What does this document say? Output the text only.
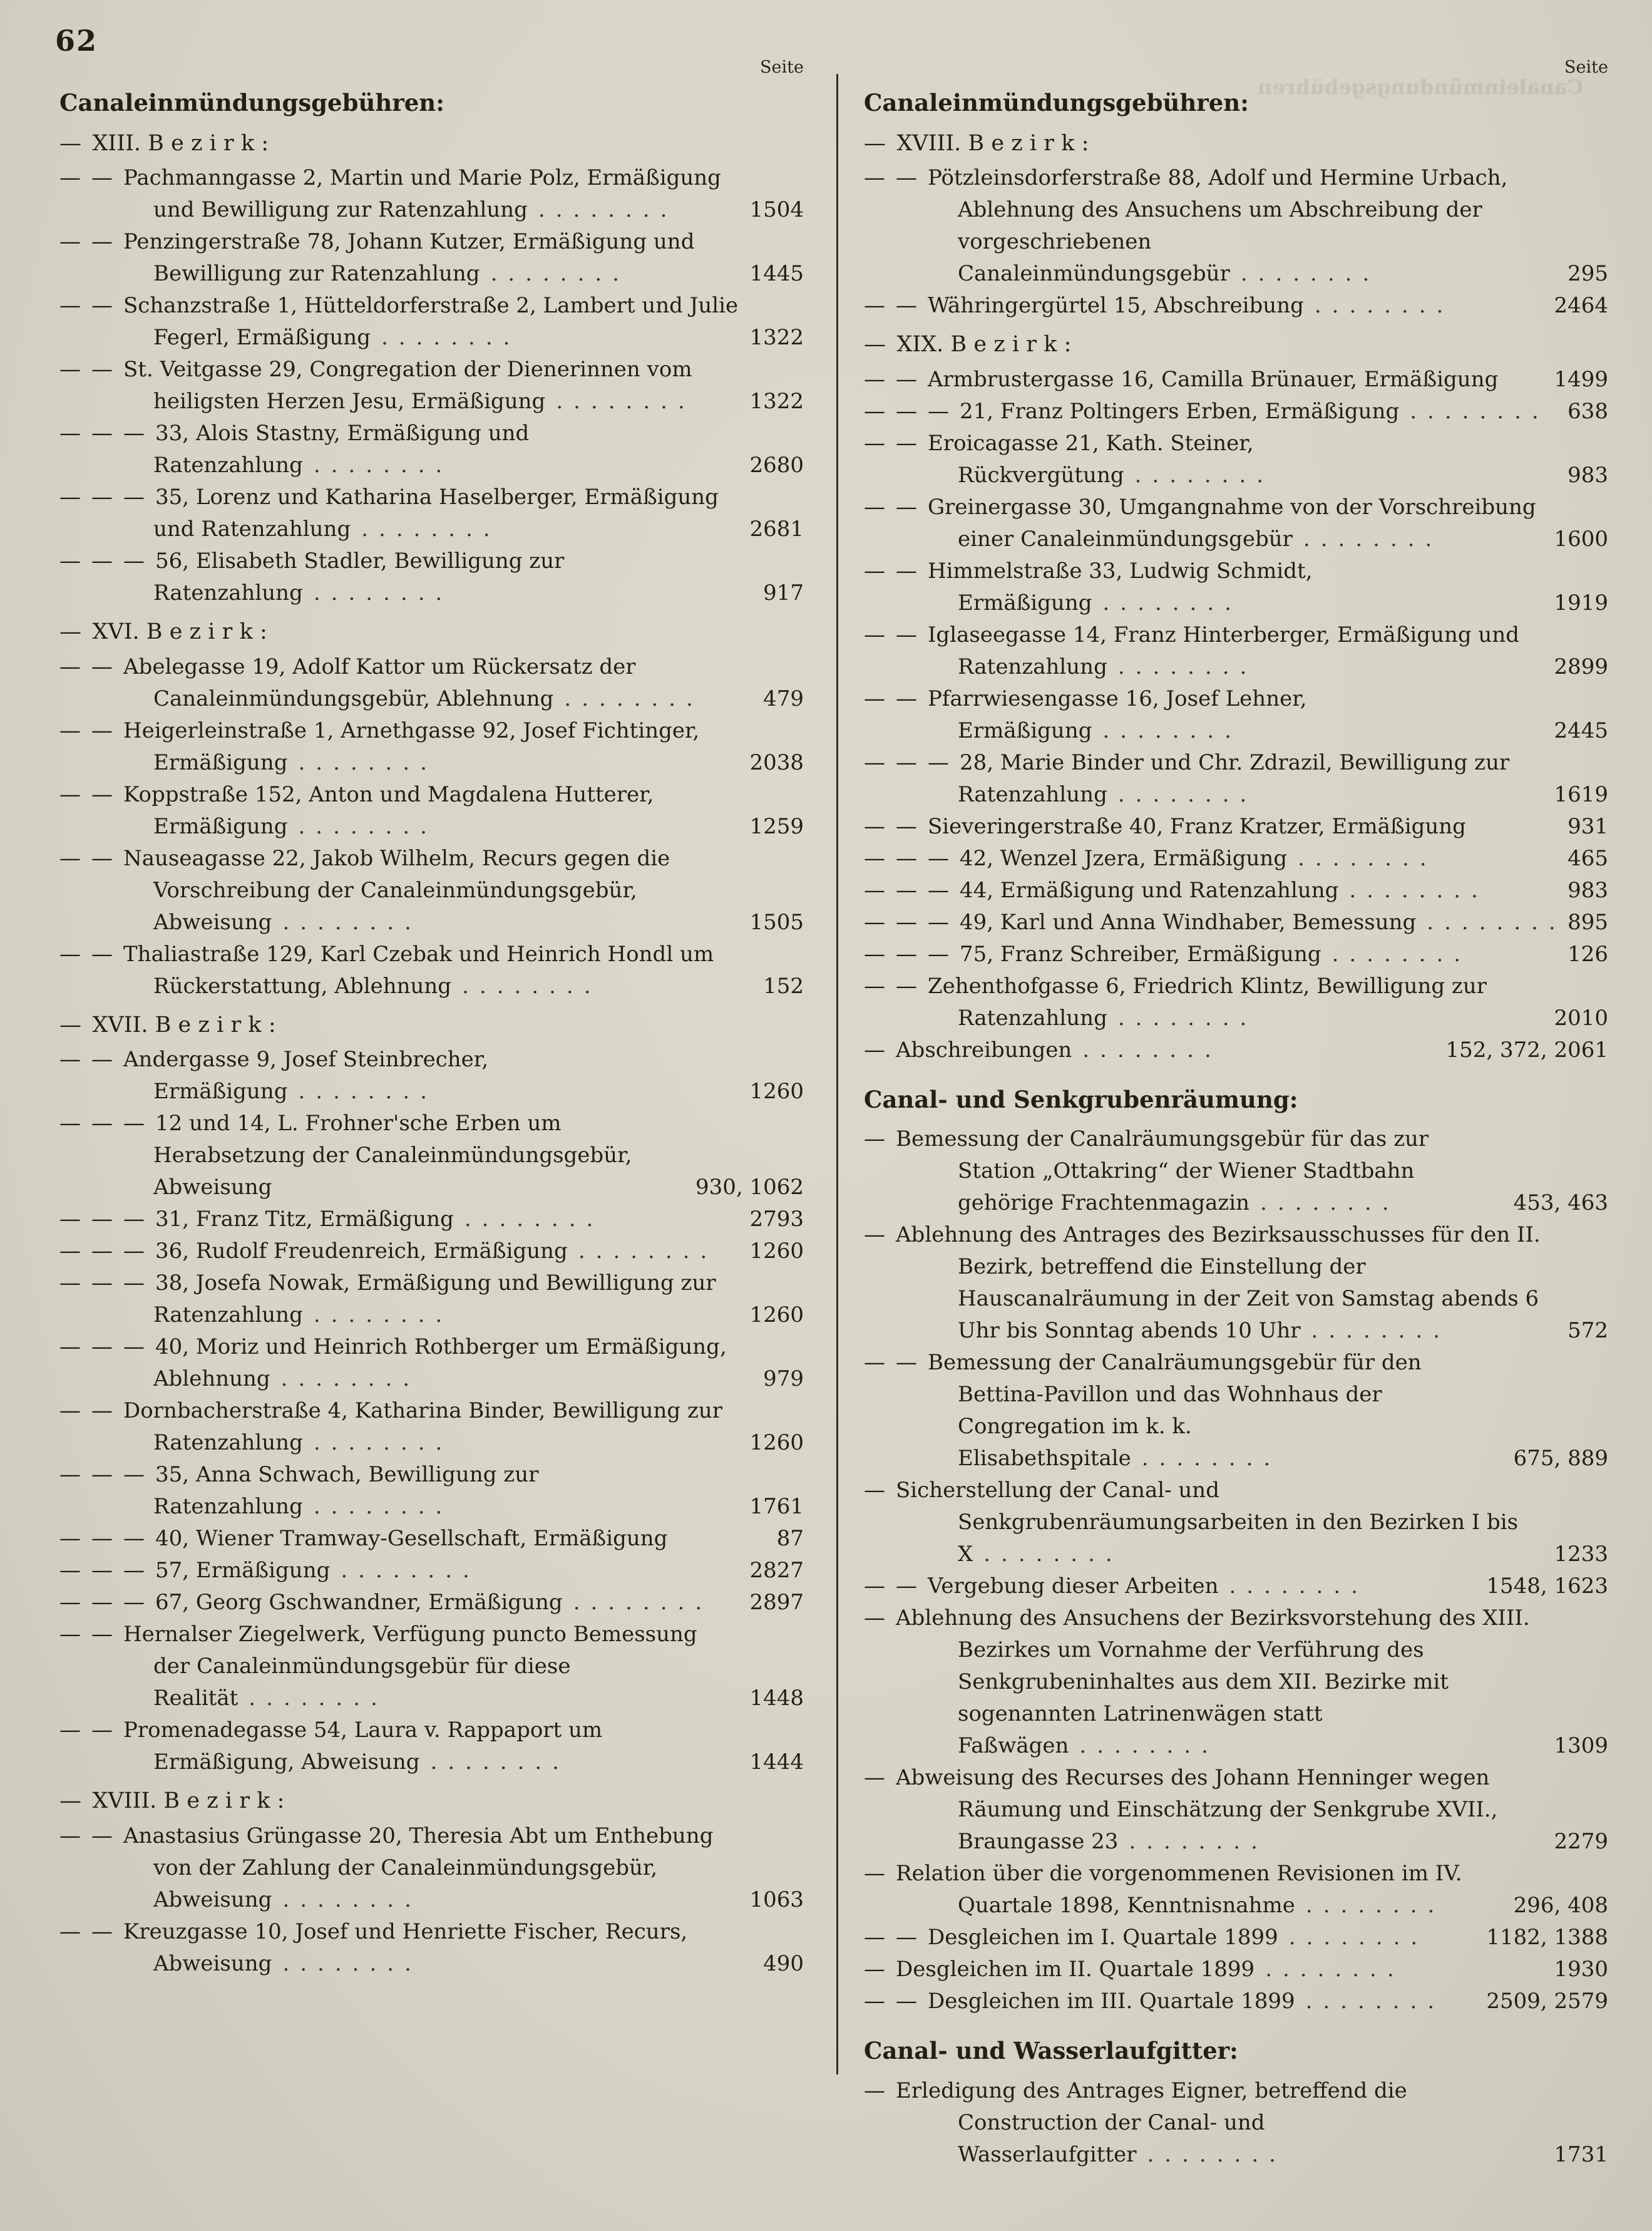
62
Seite
Canaleinmündungsgebühren:
— XIII. Bezirk:
— — Pachmanngasse 2, Martin und Marie Polz, Ermäßigung und Bewilligung zur Ratenzahlung . . . . . . . .	1504
— — Penzingerstraße 78, Johann Kutzer, Ermäßigung und Bewilligung zur Ratenzahlung . . . . . . . .	1445
— — Schanzstraße 1, Hütteldorferstraße 2, Lambert und Julie Fegerl, Ermäßigung . . . . . . . .	1322
— — St. Veitgasse 29, Congregation der Dienerinnen vom heiligsten Herzen Jesu, Ermäßigung . . . . . . . .	1322
— — — 33, Alois Stastny, Ermäßigung und Ratenzahlung . . . . . . . .	2680
— — — 35, Lorenz und Katharina Haselberger, Ermäßigung und Ratenzahlung . . . . . . . .	2681
— — — 56, Elisabeth Stadler, Bewilligung zur Ratenzahlung . . . . . . . .	917
— XVI. Bezirk:
— — Abelegasse 19, Adolf Kattor um Rückersatz der Canaleinmündungsgebür, Ablehnung . . . . . . . .	479
— — Heigerleinstraße 1, Arnethgasse 92, Josef Fichtinger, Ermäßigung . . . . . . . .	2038
— — Koppstraße 152, Anton und Magdalena Hutterer, Ermäßigung . . . . . . . .	1259
— — Nauseagasse 22, Jakob Wilhelm, Recurs gegen die Vorschreibung der Canaleinmündungsgebür, Abweisung . . . . . . . .	1505
— — Thaliastraße 129, Karl Czebak und Heinrich Hondl um Rückerstattung, Ablehnung . . . . . . . .	152
— XVII. Bezirk:
— — Andergasse 9, Josef Steinbrecher, Ermäßigung . . . . . . . .	1260
— — — 12 und 14, L. Frohner'sche Erben um Herabsetzung der Canaleinmündungsgebür, Abweisung	930, 1062
— — — 31, Franz Titz, Ermäßigung . . . . . . . .	2793
— — — 36, Rudolf Freudenreich, Ermäßigung . . . . . . . . 1260
— — — 38, Josefa Nowak, Ermäßigung und Bewilligung zur Ratenzahlung . . . . . . . .	1260
— — — 40, Moriz und Heinrich Rothberger um Ermäßigung, Ablehnung . . . . . . . .	979
— — Dornbacherstraße 4, Katharina Binder, Bewilligung zur Ratenzahlung . . . . . . . .	1260
— — — 35, Anna Schwach, Bewilligung zur Ratenzahlung . . . . . . . .	1761
— — — 40, Wiener Tramway-Gesellschaft, Ermäßigung	87
— — — 57, Ermäßigung . . . . . . . .	2827
— — — 67, Georg Gschwandner, Ermäßigung . . . . . . . . 2897
— — Hernalser Ziegelwerk, Verfügung puncto Bemessung der Canaleinmündungsgebür für diese Realität . . . . . . . .	1448
— — Promenadegasse 54, Laura v. Rappaport um Ermäßigung, Abweisung . . . . . . . .	1444
— XVIII. Bezirk:
— — Anastasius Grüngasse 20, Theresia Abt um Enthebung von der Zahlung der Canaleinmündungsgebür, Abweisung . . . . . . . .	1063
— — Kreuzgasse 10, Josef und Henriette Fischer, Recurs, Abweisung . . . . . . . .	490
Canaleinmündungsgebühren
Seite
Canaleinmündungsgebühren:
— XVIII. Bezirk:
— — Pötzleinsdorferstraße 88, Adolf und Hermine Urbach, Ablehnung des Ansuchens um Abschreibung der vorgeschriebenen Canaleinmündungsgebür . . . . . . . .	295
— — Währingergürtel 15, Abschreibung . . . . . . . .	2464
— XIX. Bezirk:
— — Armbrustergasse 16, Camilla Brünauer, Ermäßigung	1499
— — — 21, Franz Poltingers Erben, Ermäßigung . . . . . . . . 638
— — Eroicagasse 21, Kath. Steiner, Rückvergütung . . . . . . . .	983
— — Greinergasse 30, Umgangnahme von der Vorschreibung einer Canaleinmündungsgebür . . . . . . . .	1600
— — Himmelstraße 33, Ludwig Schmidt, Ermäßigung . . . . . . . .	1919
— — Iglaseegasse 14, Franz Hinterberger, Ermäßigung und Ratenzahlung . . . . . . . .	2899
— — Pfarrwiesengasse 16, Josef Lehner, Ermäßigung . . . . . . . .	2445
— — — 28, Marie Binder und Chr. Zdrazil, Bewilligung zur Ratenzahlung . . . . . . . .	1619
— — Sieveringerstraße 40, Franz Kratzer, Ermäßigung	931
— — — 42, Wenzel Jzera, Ermäßigung . . . . . . . .	465
— — — 44, Ermäßigung und Ratenzahlung . . . . . . . .	983
— — — 49, Karl und Anna Windhaber, Bemessung . . . . . . . . 895
— — — 75, Franz Schreiber, Ermäßigung . . . . . . . .	126
— — Zehenthofgasse 6, Friedrich Klintz, Bewilligung zur Ratenzahlung . . . . . . . .	2010
— Abschreibungen . . . . . . . .	152, 372, 2061
Canal- und Senkgrubenräumung:
— Bemessung der Canalräumungsgebür für das zur Station „Ottakring“ der Wiener Stadtbahn gehörige Frachtenmagazin . . . . . . . .	453, 463
— Ablehnung des Antrages des Bezirksausschusses für den II. Bezirk, betreffend die Einstellung der Hauscanalräumung in der Zeit von Samstag abends 6 Uhr bis Sonntag abends 10 Uhr . . . . . . . .	572
— — Bemessung der Canalräumungsgebür für den Bettina-Pavillon und das Wohnhaus der Congregation im k. k. Elisabethspitale . . . . . . . .	675, 889
— Sicherstellung der Canal- und Senkgrubenräumungsarbeiten in den Bezirken I bis X . . . . . . . .	1233
— — Vergebung dieser Arbeiten . . . . . . . .	1548, 1623
— Ablehnung des Ansuchens der Bezirksvorstehung des XIII. Bezirkes um Vornahme der Verführung des Senkgrubeninhaltes aus dem XII. Bezirke mit sogenannten Latrinenwägen statt Faßwägen . . . . . . . .	1309
— Abweisung des Recurses des Johann Henninger wegen Räumung und Einschätzung der Senkgrube XVII., Braungasse 23 . . . . . . . .	2279
— Relation über die vorgenommenen Revisionen im IV. Quartale 1898, Kenntnisnahme . . . . . . . .	296, 408
— — Desgleichen im I. Quartale 1899 . . . . . . . .	1182, 1388
— Desgleichen im II. Quartale 1899 . . . . . . . .	1930
— — Desgleichen im III. Quartale 1899 . . . . . . . . 2509, 2579
Canal- und Wasserlaufgitter:
— Erledigung des Antrages Eigner, betreffend die Construction der Canal- und Wasserlaufgitter . . . . . . . .	1731
